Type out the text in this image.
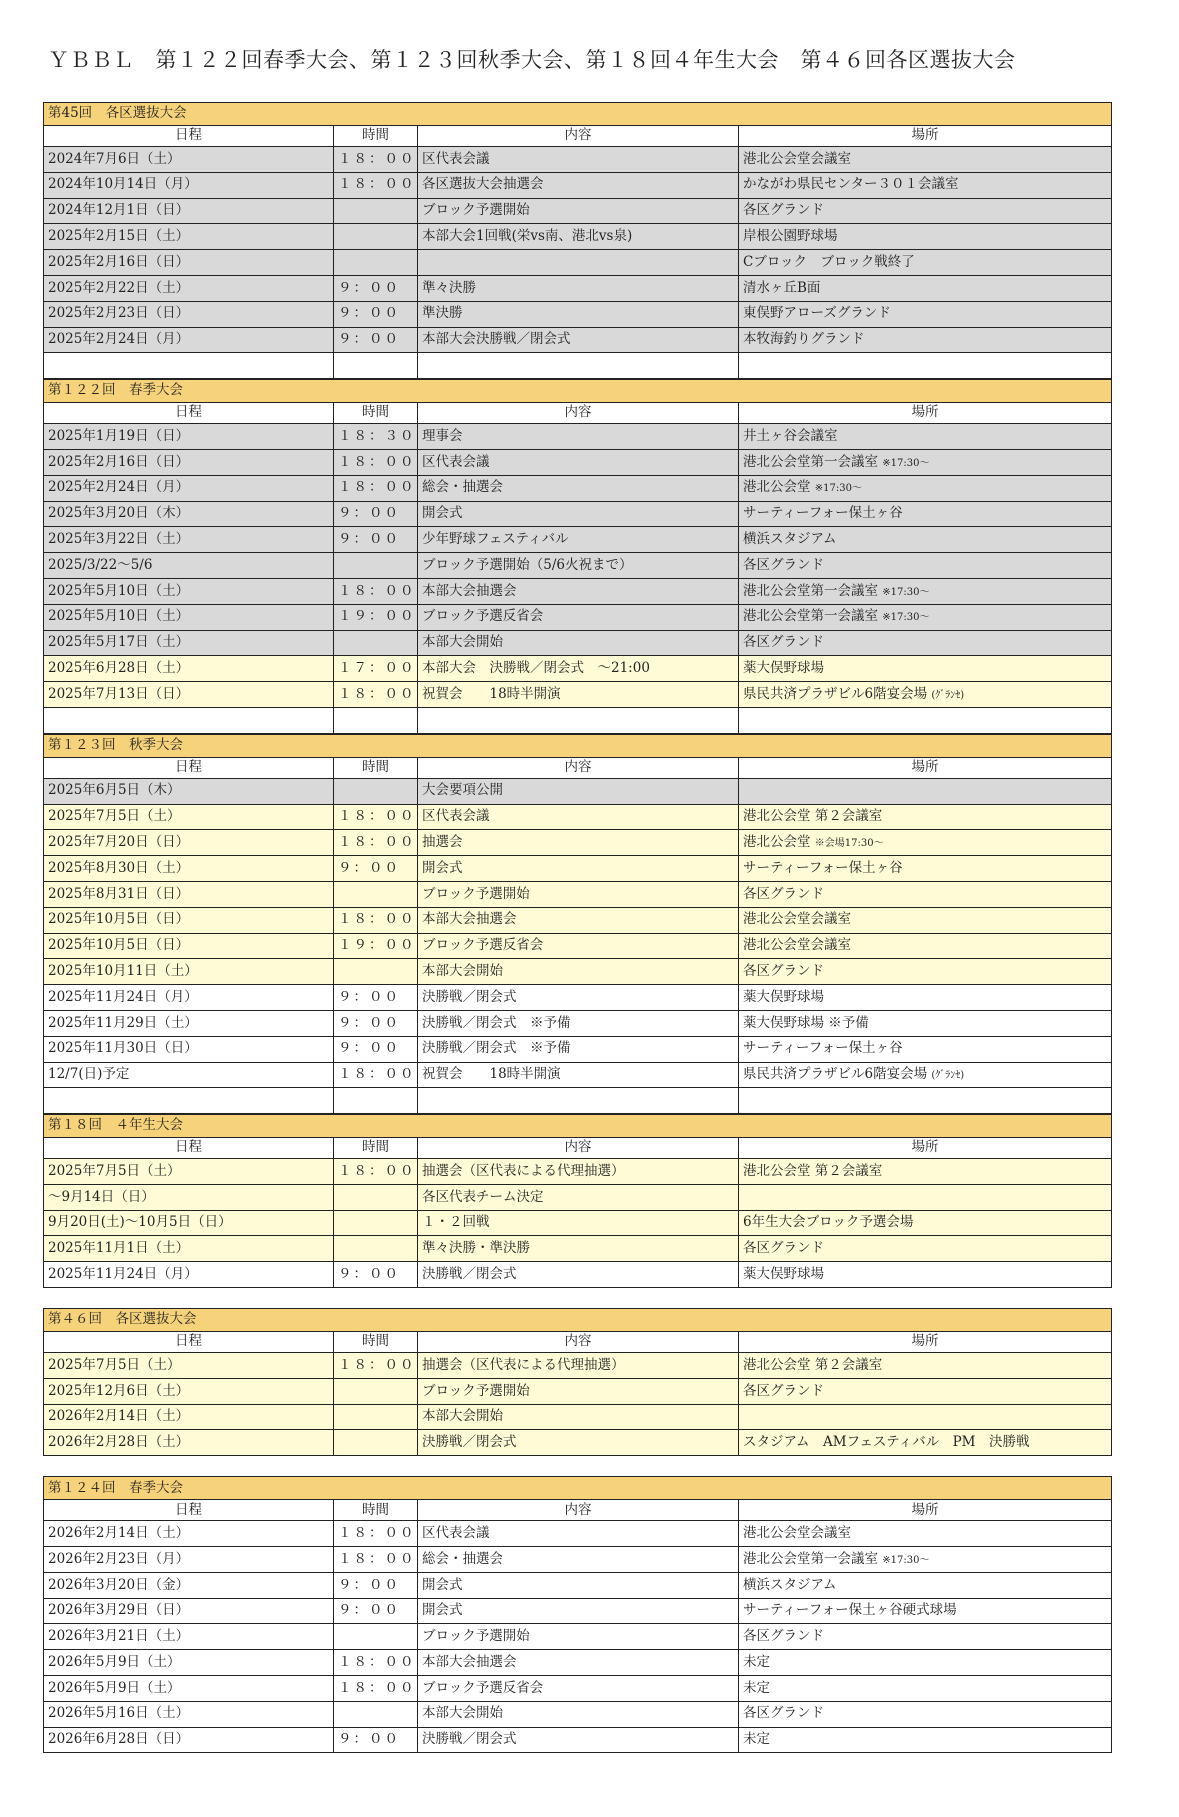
ＹＢＢＬ　第１２２回春季大会、第１２３回秋季大会、第１８回４年生大会　第４６回各区選抜大会
第45回　各区選抜大会			
日程	時間	内容	場所
2024年7月6日（土）	１８：００	区代表会議	港北公会堂会議室
2024年10月14日（月）	１８：００	各区選抜大会抽選会	かながわ県民センター３０１会議室
2024年12月1日（日）		ブロック予選開始	各区グランド
2025年2月15日（土）		本部大会1回戦(栄vs南、港北vs泉)	岸根公園野球場
2025年2月16日（日）			Cブロック　ブロック戦終了
2025年2月22日（土）	９：００	準々決勝	清水ヶ丘B面
2025年2月23日（日）	９：００	準決勝	東俣野アローズグランド
2025年2月24日（月）	９：００	本部大会決勝戦／閉会式	本牧海釣りグランド

第１２２回　春季大会			
日程	時間	内容	場所
2025年1月19日（日）	１８：３０	理事会	井土ヶ谷会議室
2025年2月16日（日）	１８：００	区代表会議	港北公会堂第一会議室 ※17:30～
2025年2月24日（月）	１８：００	総会・抽選会	港北公会堂 ※17:30～
2025年3月20日（木）	９：００	開会式	サーティーフォー保土ヶ谷
2025年3月22日（土）	９：００	少年野球フェスティバル	横浜スタジアム
2025/3/22～5/6		ブロック予選開始（5/6火祝まで）	各区グランド
2025年5月10日（土）	１８：００	本部大会抽選会	港北公会堂第一会議室 ※17:30～
2025年5月10日（土）	１９：００	ブロック予選反省会	港北公会堂第一会議室 ※17:30～
2025年5月17日（土）		本部大会開始	各区グランド
2025年6月28日（土）	１７：００	本部大会　決勝戦／閉会式　～21:00	薬大俣野球場
2025年7月13日（日）	１８：００	祝賀会　　18時半開演	県民共済プラザビル6階宴会場 (ｸﾞﾗﾝｾ)

第１２３回　秋季大会			
日程	時間	内容	場所
2025年6月5日（木）		大会要項公開	
2025年7月5日（土）	１８：００	区代表会議	港北公会堂 第２会議室
2025年7月20日（日）	１８：００	抽選会	港北公会堂 ※会場17:30～
2025年8月30日（土）	９：００	開会式	サーティーフォー保土ヶ谷
2025年8月31日（日）		ブロック予選開始	各区グランド
2025年10月5日（日）	１８：００	本部大会抽選会	港北公会堂会議室
2025年10月5日（日）	１９：００	ブロック予選反省会	港北公会堂会議室
2025年10月11日（土）		本部大会開始	各区グランド
2025年11月24日（月）	９：００	決勝戦／閉会式	薬大俣野球場
2025年11月29日（土）	９：００	決勝戦／閉会式　※予備	薬大俣野球場 ※予備
2025年11月30日（日）	９：００	決勝戦／閉会式　※予備	サーティーフォー保土ヶ谷
12/7(日)予定	１８：００	祝賀会　　18時半開演	県民共済プラザビル6階宴会場 (ｸﾞﾗﾝｾ)

第１８回　４年生大会			
日程	時間	内容	場所
2025年7月5日（土）	１８：００	抽選会（区代表による代理抽選）	港北公会堂 第２会議室
～9月14日（日）		各区代表チーム決定	
9月20日(土)～10月5日（日）		１・２回戦	6年生大会ブロック予選会場
2025年11月1日（土）		準々決勝・準決勝	各区グランド
2025年11月24日（月）	９：００	決勝戦／閉会式	薬大俣野球場
第４６回　各区選抜大会			
日程	時間	内容	場所
2025年7月5日（土）	１８：００	抽選会（区代表による代理抽選）	港北公会堂 第２会議室
2025年12月6日（土）		ブロック予選開始	各区グランド
2026年2月14日（土）		本部大会開始	
2026年2月28日（土）		決勝戦／閉会式	スタジアム　AMフェスティバル　PM　決勝戦
第１２４回　春季大会			
日程	時間	内容	場所
2026年2月14日（土）	１８：００	区代表会議	港北公会堂会議室
2026年2月23日（月）	１８：００	総会・抽選会	港北公会堂第一会議室 ※17:30～
2026年3月20日（金）	９：００	開会式	横浜スタジアム
2026年3月29日（日）	９：００	開会式	サーティーフォー保土ヶ谷硬式球場
2026年3月21日（土）		ブロック予選開始	各区グランド
2026年5月9日（土）	１８：００	本部大会抽選会	未定
2026年5月9日（土）	１８：００	ブロック予選反省会	未定
2026年5月16日（土）		本部大会開始	各区グランド
2026年6月28日（日）	９：００	決勝戦／閉会式	未定
